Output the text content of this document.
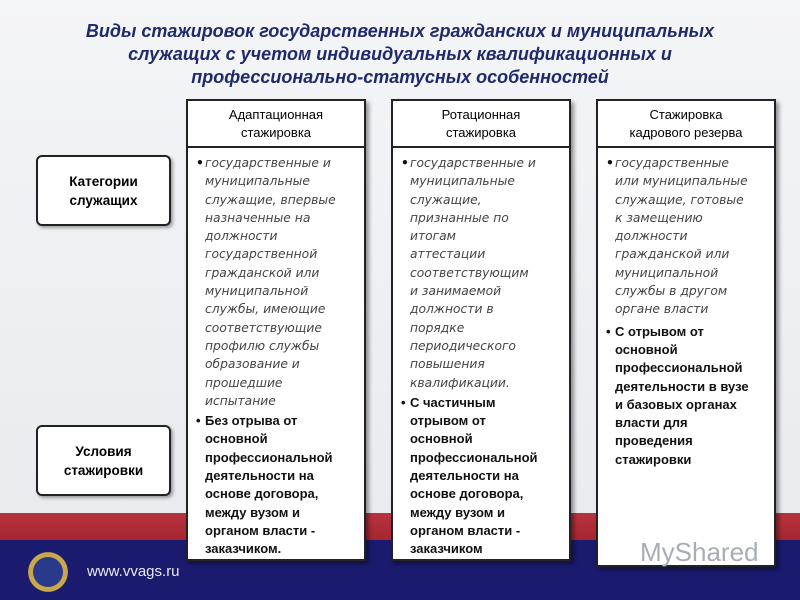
Виды стажировок государственных гражданских и муниципальных
служащих с учетом индивидуальных квалификационных и
профессионально-статусных особенностей
www.vvags.ru
Категории
служащих
Условия
стажировки
Адаптационная
стажировка
• государственные и
муниципальные
служащие, впервые
назначенные на
должности
государственной
гражданской или
муниципальной
службы, имеющие
соответствующие
профилю службы
образование и
прошедшие
испытание
• Без отрыва от
основной
профессиональной
деятельности на
основе договора,
между вузом и
органом власти -
заказчиком.
Ротационная
стажировка
• государственные и
муниципальные
служащие,
признанные по
итогам
аттестации
соответствующим
и занимаемой
должности в
порядке
периодического
повышения
квалификации.
• С частичным
отрывом от
основной
профессиональной
деятельности на
основе договора,
между вузом и
органом власти -
заказчиком
Стажировка
кадрового резерва
• государственные
или муниципальные
служащие, готовые
к замещению
должности
гражданской или
муниципальной
службы в другом
органе власти
• С отрывом от
основной
профессиональной
деятельности в вузе
и базовых органах
власти для
проведения
стажировки
MyShared
